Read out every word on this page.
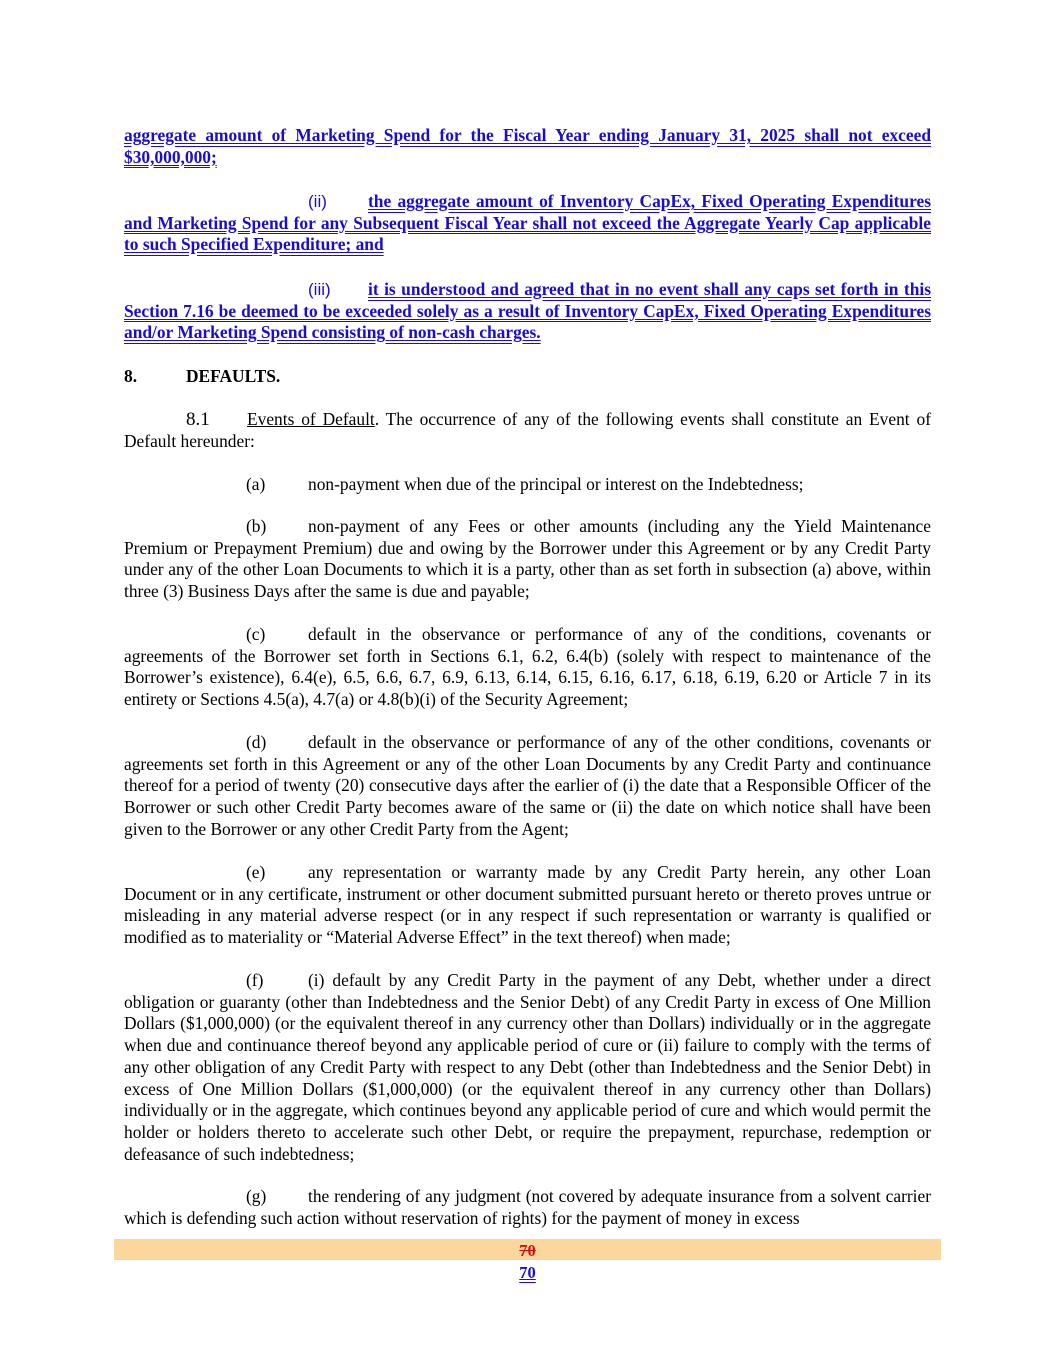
aggregate amount of Marketing Spend for the Fiscal Year ending January 31, 2025 shall not exceed $30,000,000;

(ii) the aggregate amount of Inventory CapEx, Fixed Operating Expenditures and Marketing Spend for any Subsequent Fiscal Year shall not exceed the Aggregate Yearly Cap applicable to such Specified Expenditure; and

(iii) it is understood and agreed that in no event shall any caps set forth in this Section 7.16 be deemed to be exceeded solely as a result of Inventory CapEx, Fixed Operating Expenditures and/or Marketing Spend consisting of non-cash charges.

8.	DEFAULTS.

8.1 Events of Default. The occurrence of any of the following events shall constitute an Event of Default hereunder:

(a) non-payment when due of the principal or interest on the Indebtedness;

(b) non-payment of any Fees or other amounts (including any the Yield Maintenance Premium or Prepayment Premium) due and owing by the Borrower under this Agreement or by any Credit Party under any of the other Loan Documents to which it is a party, other than as set forth in subsection (a) above, within three (3) Business Days after the same is due and payable;

(c) default in the observance or performance of any of the conditions, covenants or agreements of the Borrower set forth in Sections 6.1, 6.2, 6.4(b) (solely with respect to maintenance of the Borrower’s existence), 6.4(e), 6.5, 6.6, 6.7, 6.9, 6.13, 6.14, 6.15, 6.16, 6.17, 6.18, 6.19, 6.20 or Article 7 in its entirety or Sections 4.5(a), 4.7(a) or 4.8(b)(i) of the Security Agreement;

(d) default in the observance or performance of any of the other conditions, covenants or agreements set forth in this Agreement or any of the other Loan Documents by any Credit Party and continuance thereof for a period of twenty (20) consecutive days after the earlier of (i) the date that a Responsible Officer of the Borrower or such other Credit Party becomes aware of the same or (ii) the date on which notice shall have been given to the Borrower or any other Credit Party from the Agent;

(e) any representation or warranty made by any Credit Party herein, any other Loan Document or in any certificate, instrument or other document submitted pursuant hereto or thereto proves untrue or misleading in any material adverse respect (or in any respect if such representation or warranty is qualified or modified as to materiality or “Material Adverse Effect” in the text thereof) when made;

(f)	(i) default by any Credit Party in the payment of any Debt, whether under a direct obligation or guaranty (other than Indebtedness and the Senior Debt) of any Credit Party in excess of One Million Dollars ($1,000,000) (or the equivalent thereof in any currency other than Dollars) individually or in the aggregate when due and continuance thereof beyond any applicable period of cure or (ii) failure to comply with the terms of any other obligation of any Credit Party with respect to any Debt (other than Indebtedness and the Senior Debt) in excess of One Million Dollars ($1,000,000) (or the equivalent thereof in any currency other than Dollars) individually or in the aggregate, which continues beyond any applicable period of cure and which would permit the holder or holders thereto to accelerate such other Debt, or require the prepayment, repurchase, redemption or defeasance of such indebtedness;

(g) the rendering of any judgment (not covered by adequate insurance from a solvent carrier which is defending such action without reservation of rights) for the payment of money in excess

70
70
